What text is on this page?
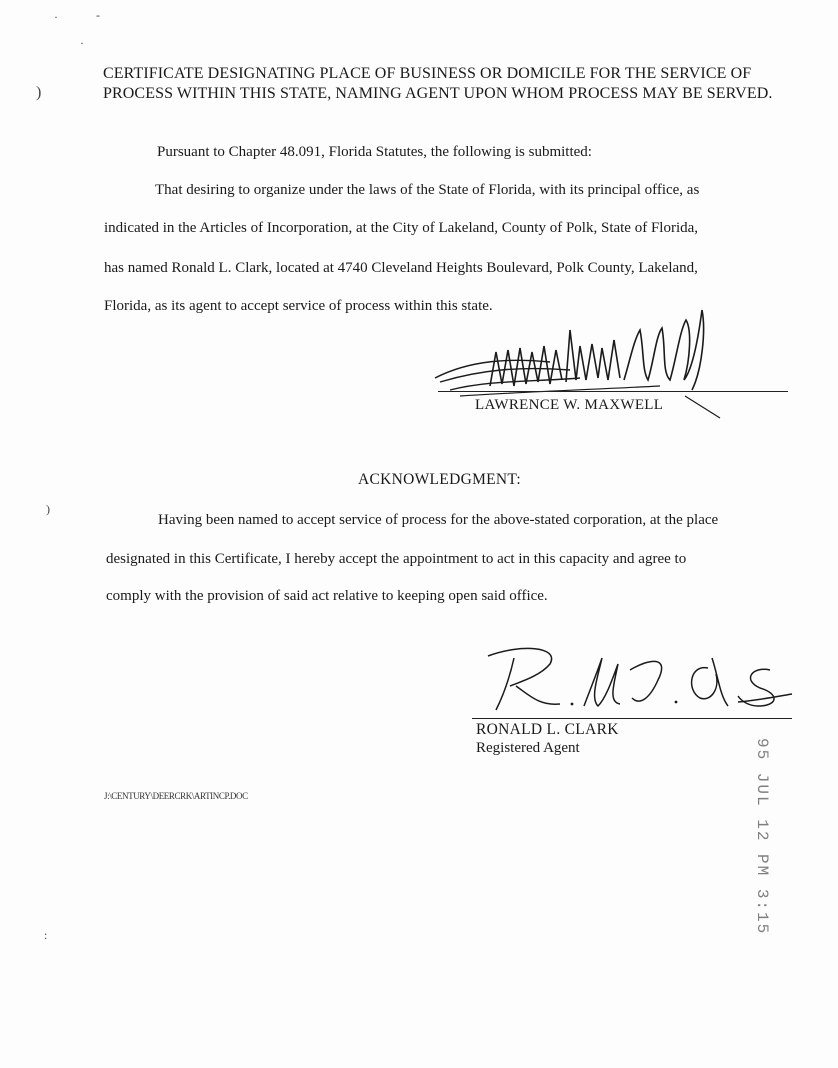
·	-
·
)
)
:
CERTIFICATE DESIGNATING PLACE OF BUSINESS OR DOMICILE FOR THE SERVICE OF PROCESS WITHIN THIS STATE, NAMING AGENT UPON WHOM PROCESS MAY BE SERVED.
Pursuant to Chapter 48.091, Florida Statutes, the following is submitted:
That desiring to organize under the laws of the State of Florida, with its principal office, as
indicated in the Articles of Incorporation, at the City of Lakeland, County of Polk, State of Florida,
has named Ronald L. Clark, located at 4740 Cleveland Heights Boulevard, Polk County, Lakeland,
Florida, as its agent to accept service of process within this state.
LAWRENCE W. MAXWELL
ACKNOWLEDGMENT:
Having been named to accept service of process for the above-stated corporation, at the place
designated in this Certificate, I hereby accept the appointment to act in this capacity and agree to
comply with the provision of said act relative to keeping open said office.
RONALD L. CLARK
Registered Agent
J:\CENTURY\DEERCRK\ARTINCP.DOC	95 JUL 12 PM 3:15
